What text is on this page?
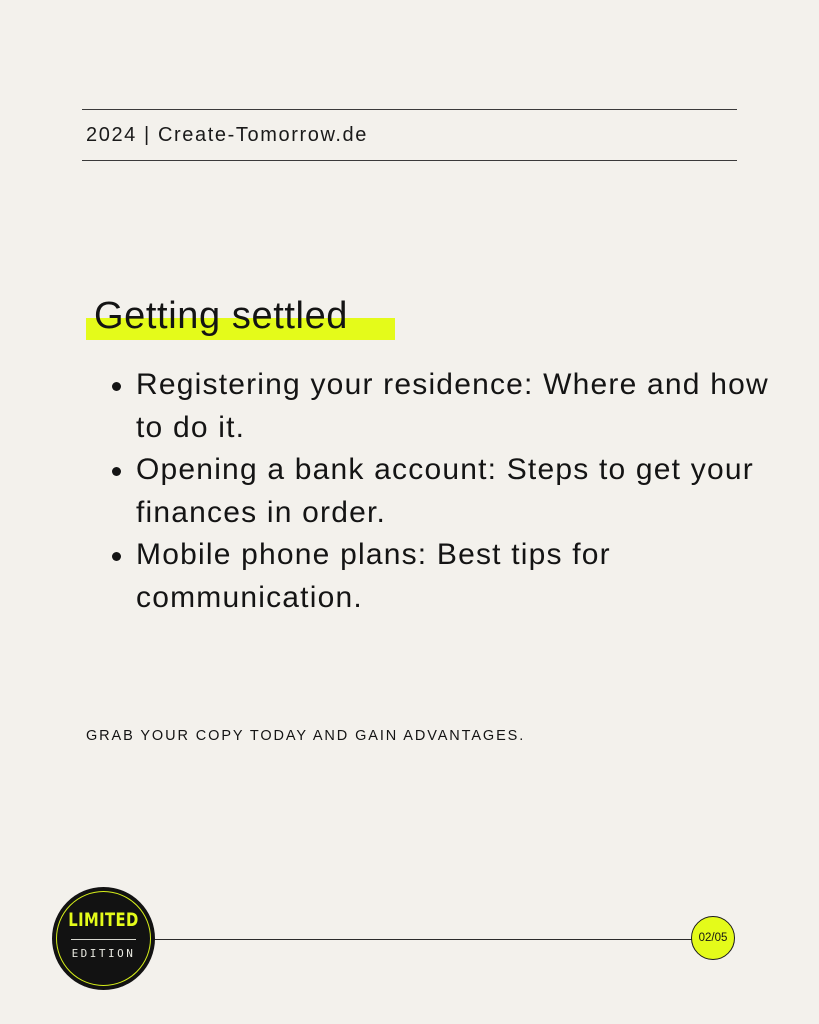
2024 | Create-Tomorrow.de
Getting settled
Registering your residence: Where and how
to do it.
Opening a bank account: Steps to get your
finances in order.
Mobile phone plans: Best tips for
communication.
GRAB YOUR COPY TODAY AND GAIN ADVANTAGES.
LIMITED
EDITION
02/05
